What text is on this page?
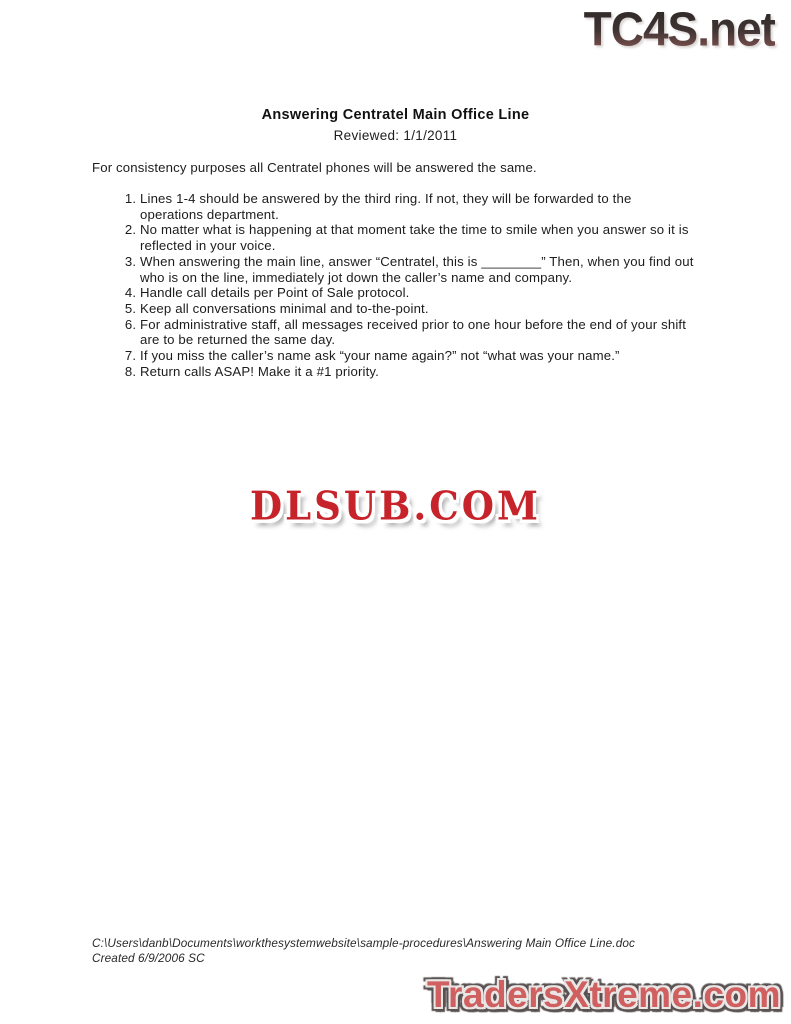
TC4S.net
Answering Centratel Main Office Line
Reviewed: 1/1/2011

For consistency purposes all Centratel phones will be answered the same.

1. Lines 1-4 should be answered by the third ring. If not, they will be forwarded to the operations department.
2. No matter what is happening at that moment take the time to smile when you answer so it is reflected in your voice.
3. When answering the main line, answer “Centratel, this is ________” Then, when you find out who is on the line, immediately jot down the caller’s name and company.
4. Handle call details per Point of Sale protocol.
5. Keep all conversations minimal and to-the-point.
6. For administrative staff, all messages received prior to one hour before the end of your shift are to be returned the same day.
7. If you miss the caller’s name ask “your name again?” not “what was your name.”
8. Return calls ASAP! Make it a #1 priority.
DLSUB.COM
C:\Users\danb\Documents\workthesystemwebsite\sample-procedures\Answering Main Office Line.doc
Created 6/9/2006 SC
TradersXtreme.com
